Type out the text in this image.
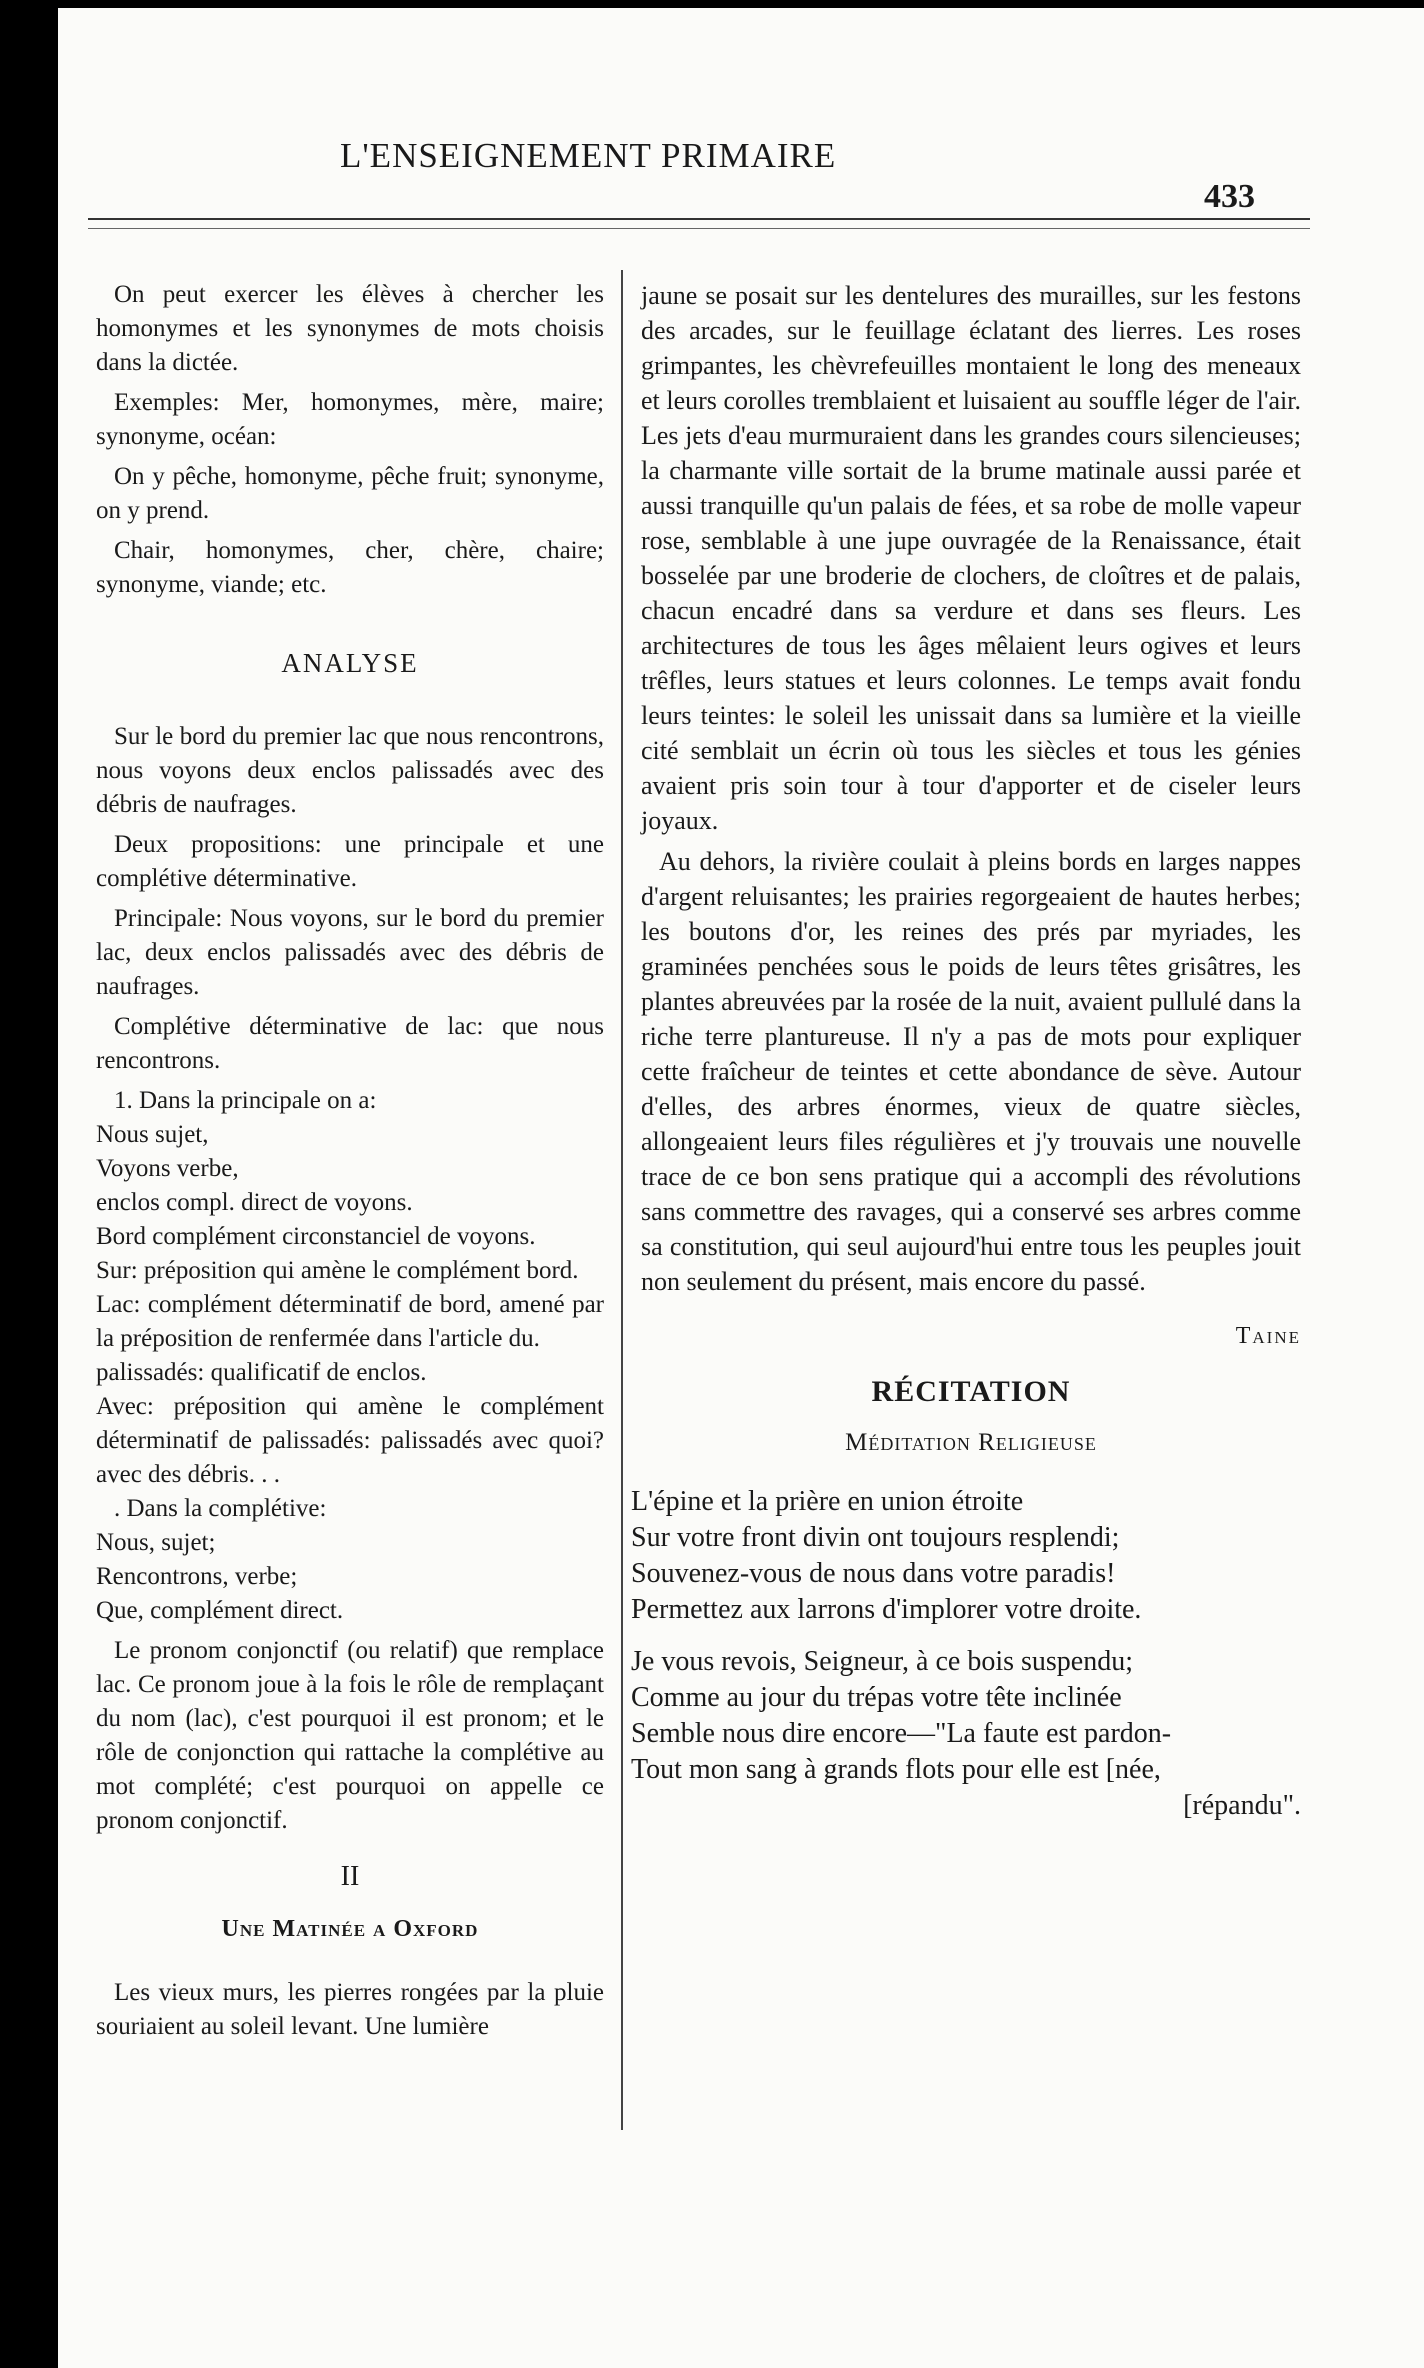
L'ENSEIGNEMENT PRIMAIRE
433

On peut exercer les élèves à chercher les homonymes et les synonymes de mots choisis dans la dictée.

Exemples: Mer, homonymes, mère, maire; synonyme, océan:

On y pêche, homonyme, pêche fruit; synonyme, on y prend.

Chair, homonymes, cher, chère, chaire; synonyme, viande; etc.

ANALYSE

Sur le bord du premier lac que nous rencontrons, nous voyons deux enclos palissadés avec des débris de naufrages.

Deux propositions: une principale et une complétive déterminative.

Principale: Nous voyons, sur le bord du premier lac, deux enclos palissadés avec des débris de naufrages.

Complétive déterminative de lac: que nous rencontrons.

1. Dans la principale on a:

Nous sujet,

Voyons verbe,

enclos compl. direct de voyons.

Bord complément circonstanciel de voyons.

Sur: préposition qui amène le complément bord.

Lac: complément déterminatif de bord, amené par la préposition de renfermée dans l'article du.

palissadés: qualificatif de enclos.

Avec: préposition qui amène le complément déterminatif de palissadés: palissadés avec quoi? avec des débris. . .

. Dans la complétive:

Nous, sujet;

Rencontrons, verbe;

Que, complément direct.

Le pronom conjonctif (ou relatif) que remplace lac. Ce pronom joue à la fois le rôle de remplaçant du nom (lac), c'est pourquoi il est pronom; et le rôle de conjonction qui rattache la complétive au mot complété; c'est pourquoi on appelle ce pronom conjonctif.

II
Une Matinée a Oxford

Les vieux murs, les pierres rongées par la pluie souriaient au soleil levant. Une lumière

jaune se posait sur les dentelures des murailles, sur les festons des arcades, sur le feuillage éclatant des lierres. Les roses grimpantes, les chèvrefeuilles montaient le long des meneaux et leurs corolles tremblaient et luisaient au souffle léger de l'air. Les jets d'eau murmuraient dans les grandes cours silencieuses; la charmante ville sortait de la brume matinale aussi parée et aussi tranquille qu'un palais de fées, et sa robe de molle vapeur rose, semblable à une jupe ouvragée de la Renaissance, était bosselée par une broderie de clochers, de cloîtres et de palais, chacun encadré dans sa verdure et dans ses fleurs. Les architectures de tous les âges mêlaient leurs ogives et leurs trêfles, leurs statues et leurs colonnes. Le temps avait fondu leurs teintes: le soleil les unissait dans sa lumière et la vieille cité semblait un écrin où tous les siècles et tous les génies avaient pris soin tour à tour d'apporter et de ciseler leurs joyaux.

Au dehors, la rivière coulait à pleins bords en larges nappes d'argent reluisantes; les prairies regorgeaient de hautes herbes; les boutons d'or, les reines des prés par myriades, les graminées penchées sous le poids de leurs têtes grisâtres, les plantes abreuvées par la rosée de la nuit, avaient pullulé dans la riche terre plantureuse. Il n'y a pas de mots pour expliquer cette fraîcheur de teintes et cette abondance de sève. Autour d'elles, des arbres énormes, vieux de quatre siècles, allongeaient leurs files régulières et j'y trouvais une nouvelle trace de ce bon sens pratique qui a accompli des révolutions sans commettre des ravages, qui a conservé ses arbres comme sa constitution, qui seul aujourd'hui entre tous les peuples jouit non seulement du présent, mais encore du passé.

Taine
RÉCITATION
Méditation Religieuse
L'épine et la prière en union étroite
Sur votre front divin ont toujours resplendi;
Souvenez-vous de nous dans votre paradis!
Permettez aux larrons d'implorer votre droite.
Je vous revois, Seigneur, à ce bois suspendu;
Comme au jour du trépas votre tête inclinée
Semble nous dire encore—"La faute est pardon-
Tout mon sang à grands flots pour elle est [née,
[répandu".
